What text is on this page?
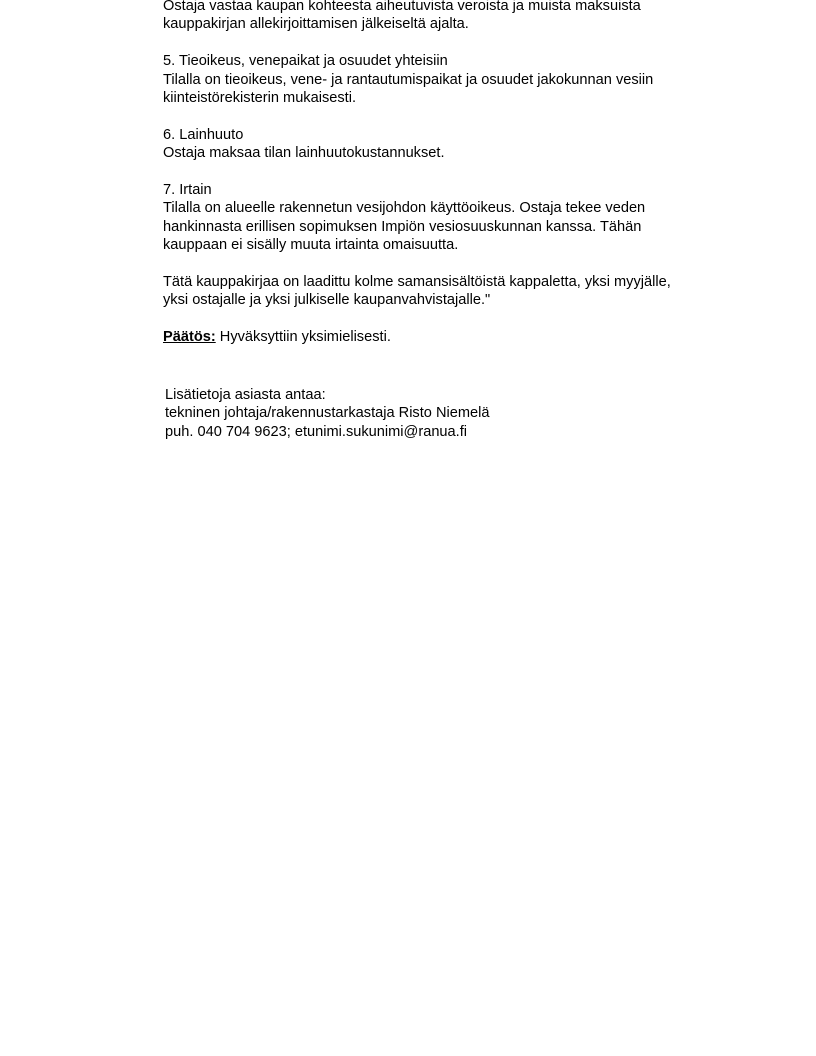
Ostaja vastaa kaupan kohteesta aiheutuvista veroista ja muista maksuista
kauppakirjan allekirjoittamisen jälkeiseltä ajalta.
5. Tieoikeus, venepaikat ja osuudet yhteisiin
Tilalla on tieoikeus, vene- ja rantautumispaikat ja osuudet jakokunnan vesiin
kiinteistörekisterin mukaisesti.
6. Lainhuuto
Ostaja maksaa tilan lainhuutokustannukset.
7. Irtain
Tilalla on alueelle rakennetun vesijohdon käyttöoikeus. Ostaja tekee veden
hankinnasta erillisen sopimuksen Impiön vesiosuuskunnan kanssa. Tähän
kauppaan ei sisälly muuta irtainta omaisuutta.
Tätä kauppakirjaa on laadittu kolme samansisältöistä kappaletta, yksi myyjälle,
yksi ostajalle ja yksi julkiselle kaupanvahvistajalle."
Päätös: Hyväksyttiin yksimielisesti.
Lisätietoja asiasta antaa:
tekninen johtaja/rakennustarkastaja Risto Niemelä
puh. 040 704 9623; etunimi.sukunimi@ranua.fi
